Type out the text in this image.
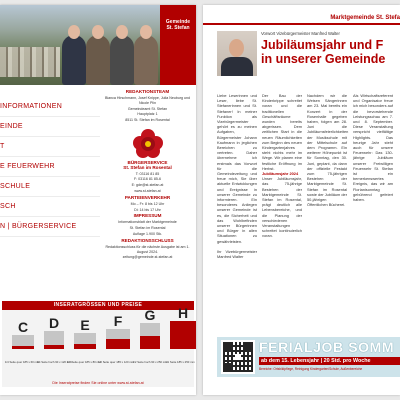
Gemeinde St. Stefan
INFORMATIONEN
EINDE
T
E FEUERWEHR
SCHULE
SCH
N | BÜRGERSERVICE
REDAKTIONSTEAM

Bianca Hirschmann, Josef Knippe, Julia Neuburg und Nicole Plin

Gemeindeamt St. Stefan

Hauptplatz 1

8511 St. Stefan im Rosental

BÜRGERSERVICE
St. Stefan im Rosental

T: 03116 81 85

F: 03116 81 85-6

E: gde@st-stefan.at

www.st-stefan.at

PARTEIENVERKEHR

Mo – Fr: 8 bis 12 Uhr

Di: 14 bis 17 Uhr

IMPRESSUM

Informationsblatt der Marktgemeinde

St. Stefan im Rosental

Auflage 1.900 Stk.

REDAKTIONSSCHLUSS

Redaktionsschluss für die nächste Ausgabe ist am 1. August 2024.

zeitung@gemeinde.st-stefan.at

INSERATGRÖSSEN UND PREISE
C
1/4 Seite quer 185 x 60 mm
D
1/4 Seite hoch 90 x 120 mm
E
1/3 Seite quer 185 x 80 mm
F
1/2 Seite quer 185 x 120 mm
G
1/2 Seite hoch 90 x 250 mm
H
1/1 Seite 185 x 250 mm
Die Inseratpreise finden Sie online unter www.st-stefan.at
Marktgemeinde St. Stefa
Vorwort Vizebürgermeister Manfred Walter
Jubiläumsjahr und F
in unserer Gemeinde
Liebe Leserinnen und Leser, liebe St. Stefanerinnen und St. Stefaner! In meiner Funktion als Vizebürgermeister gehört es zu meinen Aufgaben, Bürgermeister Johann Kaufmann in jeglichen Bereichen zu vertreten. Daher übernehme ich erstmals das Vorwort für die Gemeindezeitung und freue mich, Sie über aktuelle Entwicklungen und Ereignisse in unserer Gemeinde zu informieren. Ein besonderes Anliegen unserer Gemeinde ist es, die Sicherheit und das Wohlbefinden unserer Bürgerinnen und Bürger in allen Situationen zu gewährleisten.
Ihr Vizebürgermeister Manfred Walter
Der Bau der Kinderkrippe schreitet voran und die traditionellen Geschäftsräume wurden bereits abgerissen. Dem zeitlichen Start in die neuen Räumlichkeiten zum Beginn des neuen Kindergartenjahres steht nichts mehr im Wege. Wir planen eine festliche Eröffnung im Herbst.
Jubiläumsjahr 2024
Unser Jubiläumsjahr, das 75-jährige Bestehen der Marktgemeinde St. Stefan im Rosental, prägt deutlich alle Lebensbereiche, und die Planung der verschiedenen Veranstaltungen schreitet kontinuierlich voran.
Nachdem wir die Weisen Sängerinnen am 23. Mai bereits ein Konzert in der Rosenhalle gegeben haben, folgen am 28. Juni die Jubiläumsfeierlichkeiten der Musikschule mit der Mittelschule auf dem Programm. Ein weiterer Höhepunkt ist für Sonntag, den 30. Juni, geplant, da dann der offizielle Festakt zum 75-jährigen Bestehen der Marktgemeinde St. Stefan im Rosental sowie der Jubiläum der 50-jährigen Öffentlichen Bücherei.
Als Wirtschaftsreferent und Organisator freue ich mich besonders auf die bevorstehende Leistungsschau am 7. und 8. September. Diese Veranstaltung verspricht vielfältige Highlights. Das heurige Jahr steht auch für unsere Feuerwehr: Das 130-jährige Jubiläum unserer Freiwilligen Feuerwehr St. Stefan ist ein bemerkenswertes Ereignis, das wir am Florianisonntag gebührend gefeiert haben.
FERIALJOB SOMM
ab dem 15. Lebensjahr | 20 Std. pro Woche
Bereiche: Ortsbildpflege, Reinigung Kindergarten/Schule, Außenbereiche
